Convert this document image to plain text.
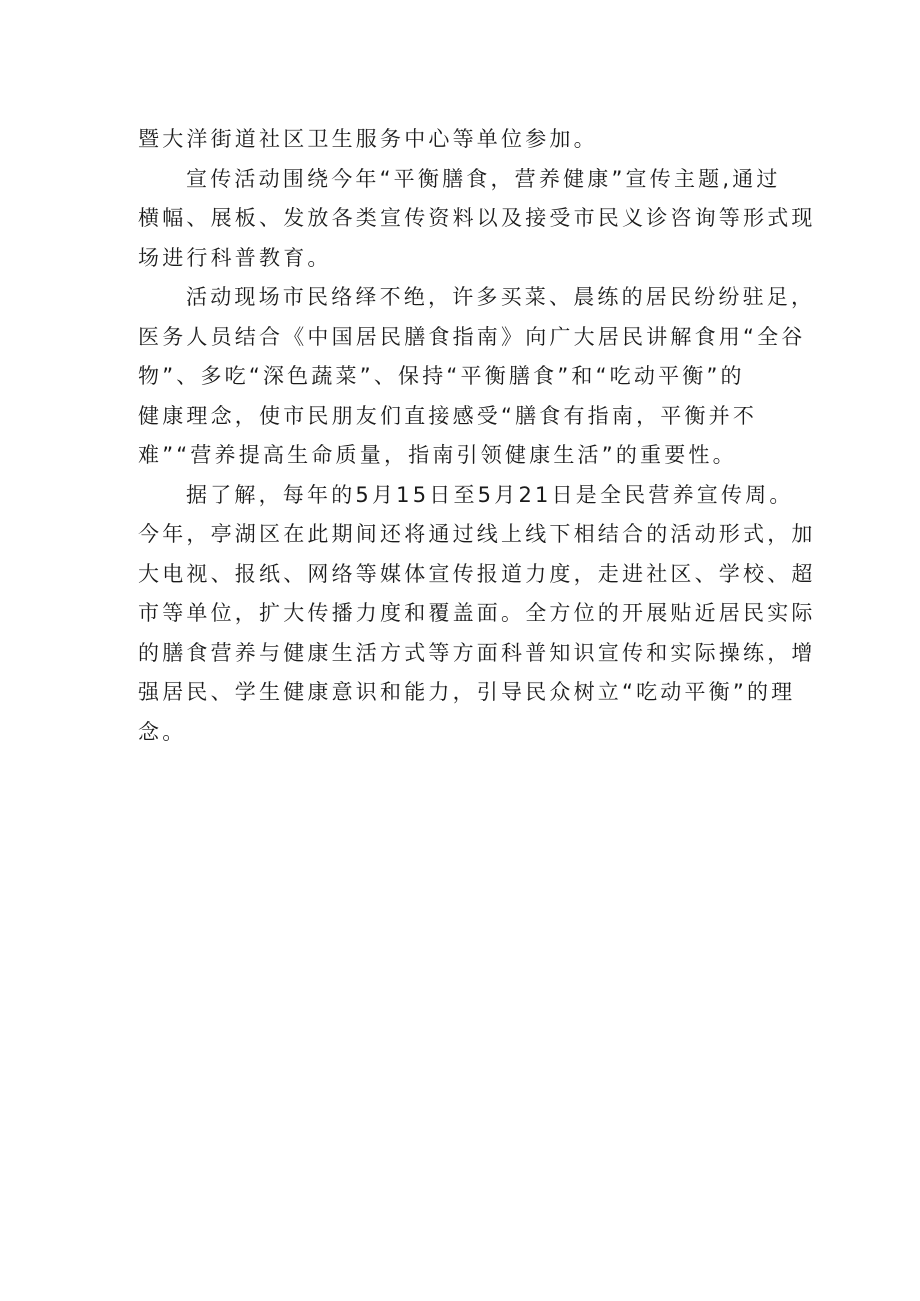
暨大洋街道社区卫生服务中心等单位参加。
宣传活动围绕今年“平衡膳食，营养健康”宣传主题,通过
横幅、展板、发放各类宣传资料以及接受市民义诊咨询等形式现
场进行科普教育。
活动现场市民络绎不绝，许多买菜、晨练的居民纷纷驻足，
医务人员结合《中国居民膳食指南》向广大居民讲解食用“全谷
物”、多吃“深色蔬菜”、保持“平衡膳食”和“吃动平衡”的
健康理念，使市民朋友们直接感受“膳食有指南，平衡并不
难”“营养提高生命质量，指南引领健康生活”的重要性。
据了解，每年的5月15日至5月21日是全民营养宣传周。
今年，亭湖区在此期间还将通过线上线下相结合的活动形式，加
大电视、报纸、网络等媒体宣传报道力度，走进社区、学校、超
市等单位，扩大传播力度和覆盖面。全方位的开展贴近居民实际
的膳食营养与健康生活方式等方面科普知识宣传和实际操练，增
强居民、学生健康意识和能力，引导民众树立“吃动平衡”的理
念。
